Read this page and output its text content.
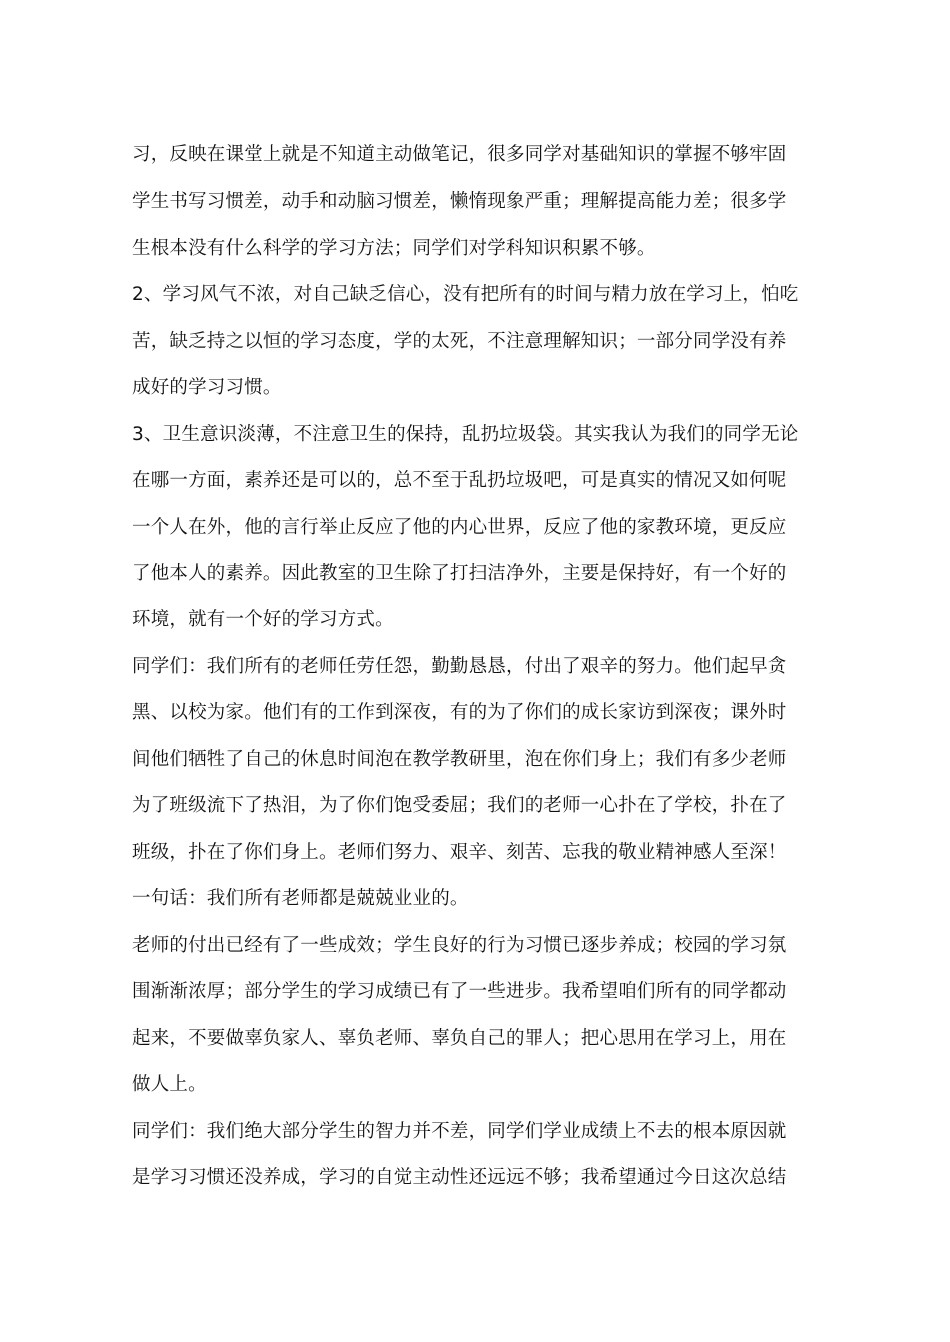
习，反映在课堂上就是不知道主动做笔记，很多同学对基础知识的掌握不够牢固
学生书写习惯差，动手和动脑习惯差，懒惰现象严重；理解提高能力差；很多学
生根本没有什么科学的学习方法；同学们对学科知识积累不够。
2、学习风气不浓，对自己缺乏信心，没有把所有的时间与精力放在学习上，怕吃
苦，缺乏持之以恒的学习态度，学的太死，不注意理解知识；一部分同学没有养
成好的学习习惯。
3、卫生意识淡薄，不注意卫生的保持，乱扔垃圾袋。其实我认为我们的同学无论
在哪一方面，素养还是可以的，总不至于乱扔垃圾吧，可是真实的情况又如何呢
一个人在外，他的言行举止反应了他的内心世界，反应了他的家教环境，更反应
了他本人的素养。因此教室的卫生除了打扫洁净外，主要是保持好，有一个好的
环境，就有一个好的学习方式。
同学们：我们所有的老师任劳任怨，勤勤恳恳，付出了艰辛的努力。他们起早贪
黑、以校为家。他们有的工作到深夜，有的为了你们的成长家访到深夜；课外时
间他们牺牲了自己的休息时间泡在教学教研里，泡在你们身上；我们有多少老师
为了班级流下了热泪，为了你们饱受委屈；我们的老师一心扑在了学校，扑在了
班级，扑在了你们身上。老师们努力、艰辛、刻苦、忘我的敬业精神感人至深！
一句话：我们所有老师都是兢兢业业的。
老师的付出已经有了一些成效；学生良好的行为习惯已逐步养成；校园的学习氛
围渐渐浓厚；部分学生的学习成绩已有了一些进步。我希望咱们所有的同学都动
起来，不要做辜负家人、辜负老师、辜负自己的罪人；把心思用在学习上，用在
做人上。
同学们：我们绝大部分学生的智力并不差，同学们学业成绩上不去的根本原因就
是学习习惯还没养成，学习的自觉主动性还远远不够；我希望通过今日这次总结
